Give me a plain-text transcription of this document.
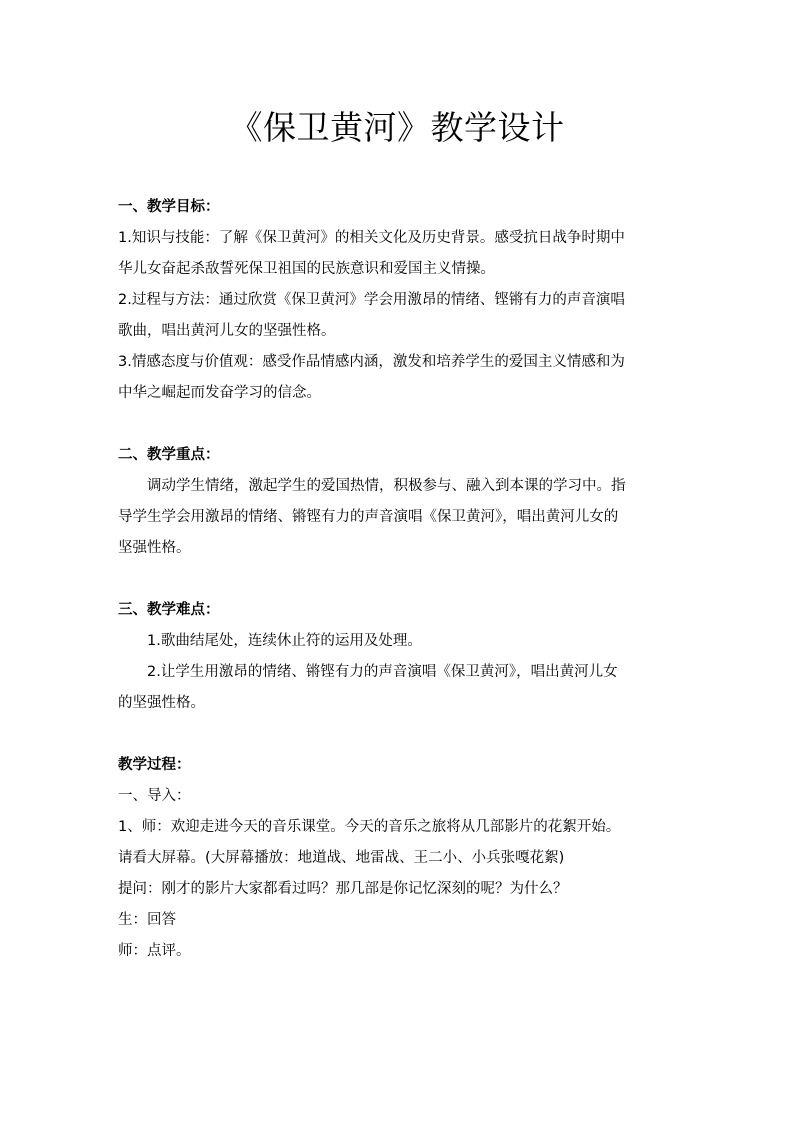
《保卫黄河》教学设计

一、教学目标：

1.知识与技能：了解《保卫黄河》的相关文化及历史背景。感受抗日战争时期中

华儿女奋起杀敌誓死保卫祖国的民族意识和爱国主义情操。

2.过程与方法：通过欣赏《保卫黄河》学会用激昂的情绪、铿锵有力的声音演唱

歌曲，唱出黄河儿女的坚强性格。

3.情感态度与价值观：感受作品情感内涵，激发和培养学生的爱国主义情感和为

中华之崛起而发奋学习的信念。

二、教学重点：

调动学生情绪，激起学生的爱国热情，积极参与、融入到本课的学习中。指

导学生学会用激昂的情绪、锵铿有力的声音演唱《保卫黄河》，唱出黄河儿女的

坚强性格。

三、教学难点：

1.歌曲结尾处，连续休止符的运用及处理。

2.让学生用激昂的情绪、锵铿有力的声音演唱《保卫黄河》，唱出黄河儿女

的坚强性格。

教学过程：

一、导入：

1、师：欢迎走进今天的音乐课堂。今天的音乐之旅将从几部影片的花絮开始。

请看大屏幕。(大屏幕播放：地道战、地雷战、王二小、小兵张嘎花絮)

提问：刚才的影片大家都看过吗？那几部是你记忆深刻的呢？为什么？

生：回答

师：点评。
